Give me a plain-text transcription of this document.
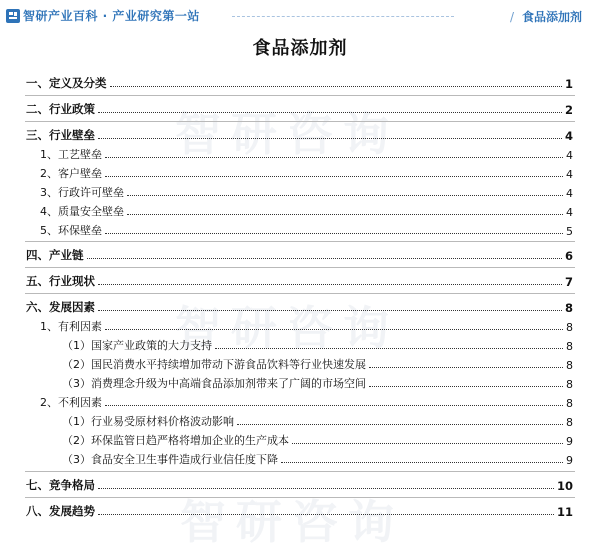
智研产业百科 · 产业研究第一站	/ 食品添加剂
食品添加剂
智研咨询
智研咨询
智研咨询
一、定义及分类	1
二、行业政策	2
三、行业壁垒	4
1、工艺壁垒	4
2、客户壁垒	4
3、行政许可壁垒	4
4、质量安全壁垒	4
5、环保壁垒	5
四、产业链	6
五、行业现状	7
六、发展因素	8
1、有利因素	8
（1）国家产业政策的大力支持	8
（2）国民消费水平持续增加带动下游食品饮料等行业快速发展	8
（3）消费理念升级为中高端食品添加剂带来了广阔的市场空间	8
2、不利因素	8
（1）行业易受原材料价格波动影响	8
（2）环保监管日趋严格将增加企业的生产成本	9
（3）食品安全卫生事件造成行业信任度下降	9
七、竞争格局	10
八、发展趋势	11
